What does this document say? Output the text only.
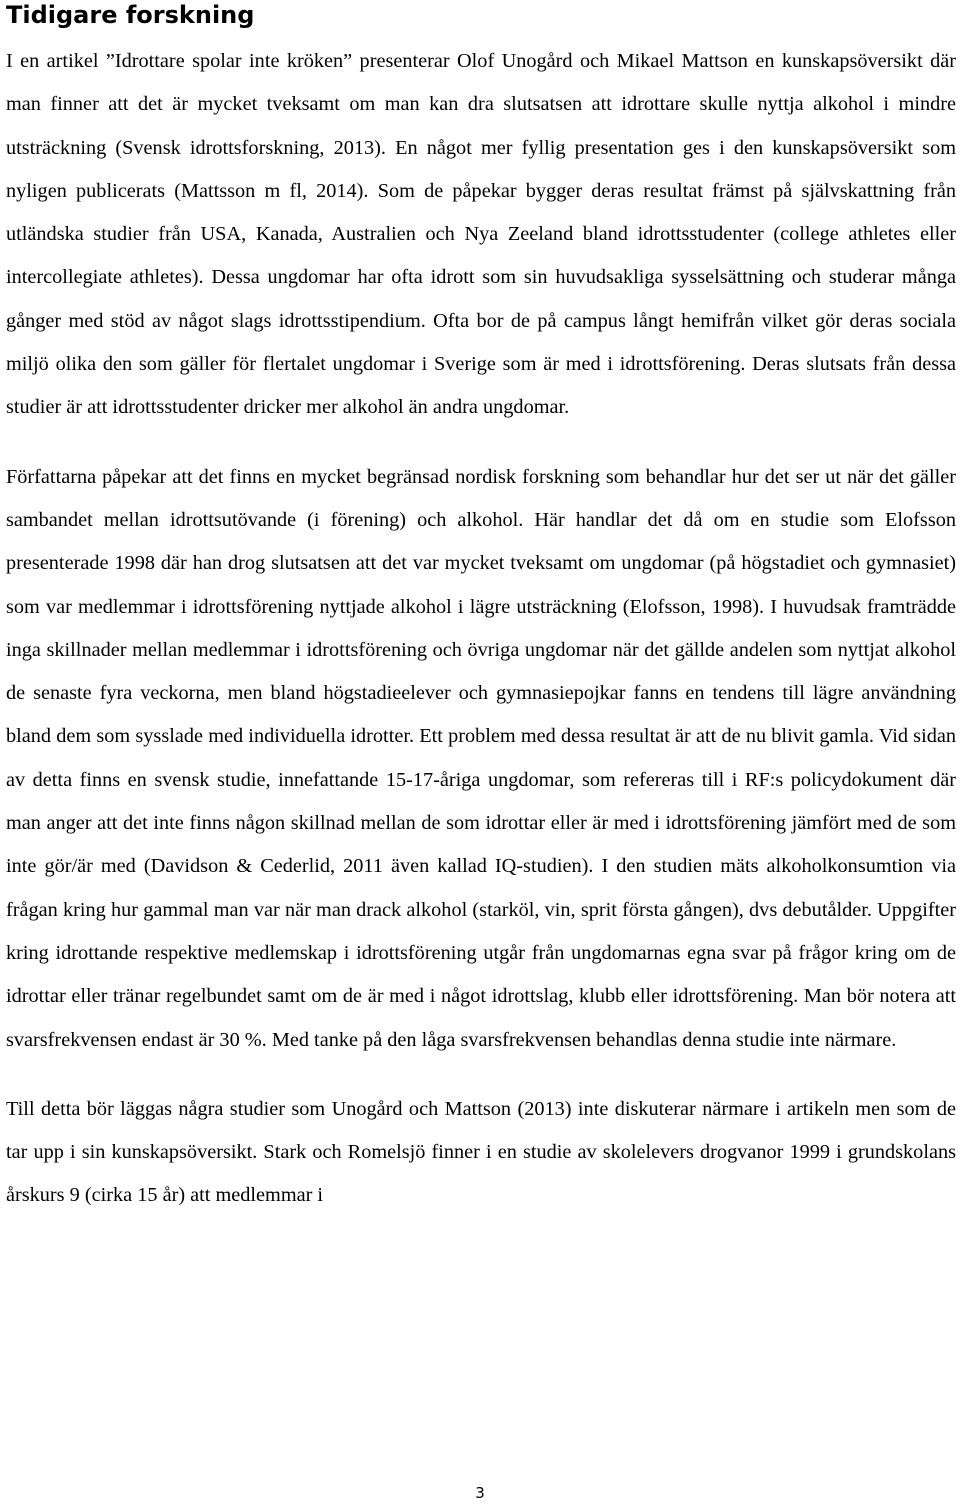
Tidigare forskning

I en artikel ”Idrottare spolar inte kröken” presenterar Olof Unogård och Mikael Mattson en kunskapsöversikt där man finner att det är mycket tveksamt om man kan dra slutsatsen att idrottare skulle nyttja alkohol i mindre utsträckning (Svensk idrottsforskning, 2013). En något mer fyllig presentation ges i den kunskapsöversikt som nyligen publicerats (Mattsson m fl, 2014). Som de påpekar bygger deras resultat främst på självskattning från utländska studier från USA, Kanada, Australien och Nya Zeeland bland idrottsstudenter (college athletes eller intercollegiate athletes). Dessa ungdomar har ofta idrott som sin huvudsakliga sysselsättning och studerar många gånger med stöd av något slags idrottsstipendium. Ofta bor de på campus långt hemifrån vilket gör deras sociala miljö olika den som gäller för flertalet ungdomar i Sverige som är med i idrottsförening. Deras slutsats från dessa studier är att idrottsstudenter dricker mer alkohol än andra ungdomar.

Författarna påpekar att det finns en mycket begränsad nordisk forskning som behandlar hur det ser ut när det gäller sambandet mellan idrottsutövande (i förening) och alkohol. Här handlar det då om en studie som Elofsson presenterade 1998 där han drog slutsatsen att det var mycket tveksamt om ungdomar (på högstadiet och gymnasiet) som var medlemmar i idrottsförening nyttjade alkohol i lägre utsträckning (Elofsson, 1998). I huvudsak framträdde inga skillnader mellan medlemmar i idrottsförening och övriga ungdomar när det gällde andelen som nyttjat alkohol de senaste fyra veckorna, men bland högstadieelever och gymnasiepojkar fanns en tendens till lägre användning bland dem som sysslade med individuella idrotter. Ett problem med dessa resultat är att de nu blivit gamla. Vid sidan av detta finns en svensk studie, innefattande 15-17-åriga ungdomar, som refereras till i RF:s policydokument där man anger att det inte finns någon skillnad mellan de som idrottar eller är med i idrottsförening jämfört med de som inte gör/är med (Davidson & Cederlid, 2011 även kallad IQ-studien). I den studien mäts alkoholkonsumtion via frågan kring hur gammal man var när man drack alkohol (starköl, vin, sprit första gången), dvs debutålder. Uppgifter kring idrottande respektive medlemskap i idrottsförening utgår från ungdomarnas egna svar på frågor kring om de idrottar eller tränar regelbundet samt om de är med i något idrottslag, klubb eller idrottsförening. Man bör notera att svarsfrekvensen endast är 30 %. Med tanke på den låga svarsfrekvensen behandlas denna studie inte närmare.

Till detta bör läggas några studier som Unogård och Mattson (2013) inte diskuterar närmare i artikeln men som de tar upp i sin kunskapsöversikt. Stark och Romelsjö finner i en studie av skolelevers drogvanor 1999 i grundskolans årskurs 9 (cirka 15 år) att medlemmar i

3
